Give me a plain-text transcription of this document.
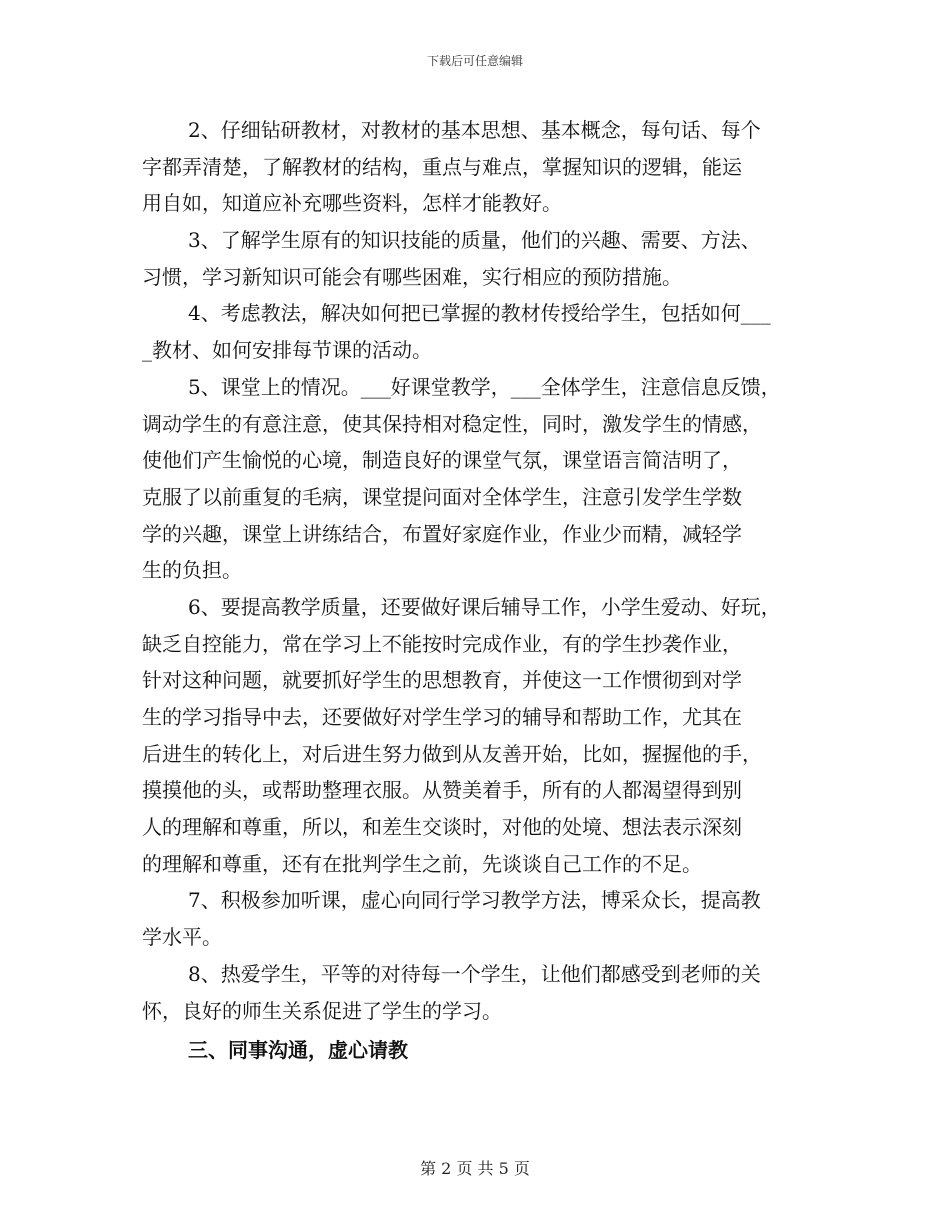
下载后可任意编辑
2、仔细钻研教材，对教材的基本思想、基本概念，每句话、每个
字都弄清楚，了解教材的结构，重点与难点，掌握知识的逻辑，能运
用自如，知道应补充哪些资料，怎样才能教好。
3、了解学生原有的知识技能的质量，他们的兴趣、需要、方法、
习惯，学习新知识可能会有哪些困难，实行相应的预防措施。
4、考虑教法，解决如何把已掌握的教材传授给学生，包括如何___
_教材、如何安排每节课的活动。
5、课堂上的情况。___好课堂教学，___全体学生，注意信息反馈，
调动学生的有意注意，使其保持相对稳定性，同时，激发学生的情感，
使他们产生愉悦的心境，制造良好的课堂气氛，课堂语言简洁明了，
克服了以前重复的毛病，课堂提问面对全体学生，注意引发学生学数
学的兴趣，课堂上讲练结合，布置好家庭作业，作业少而精，减轻学
生的负担。
6、要提高教学质量，还要做好课后辅导工作，小学生爱动、好玩，
缺乏自控能力，常在学习上不能按时完成作业，有的学生抄袭作业，
针对这种问题，就要抓好学生的思想教育，并使这一工作惯彻到对学
生的学习指导中去，还要做好对学生学习的辅导和帮助工作，尤其在
后进生的转化上，对后进生努力做到从友善开始，比如，握握他的手，
摸摸他的头，或帮助整理衣服。从赞美着手，所有的人都渴望得到别
人的理解和尊重，所以，和差生交谈时，对他的处境、想法表示深刻
的理解和尊重，还有在批判学生之前，先谈谈自己工作的不足。
7、积极参加听课，虚心向同行学习教学方法，博采众长，提高教
学水平。
8、热爱学生，平等的对待每一个学生，让他们都感受到老师的关
怀，良好的师生关系促进了学生的学习。
三、同事沟通，虚心请教
第 2 页 共 5 页
